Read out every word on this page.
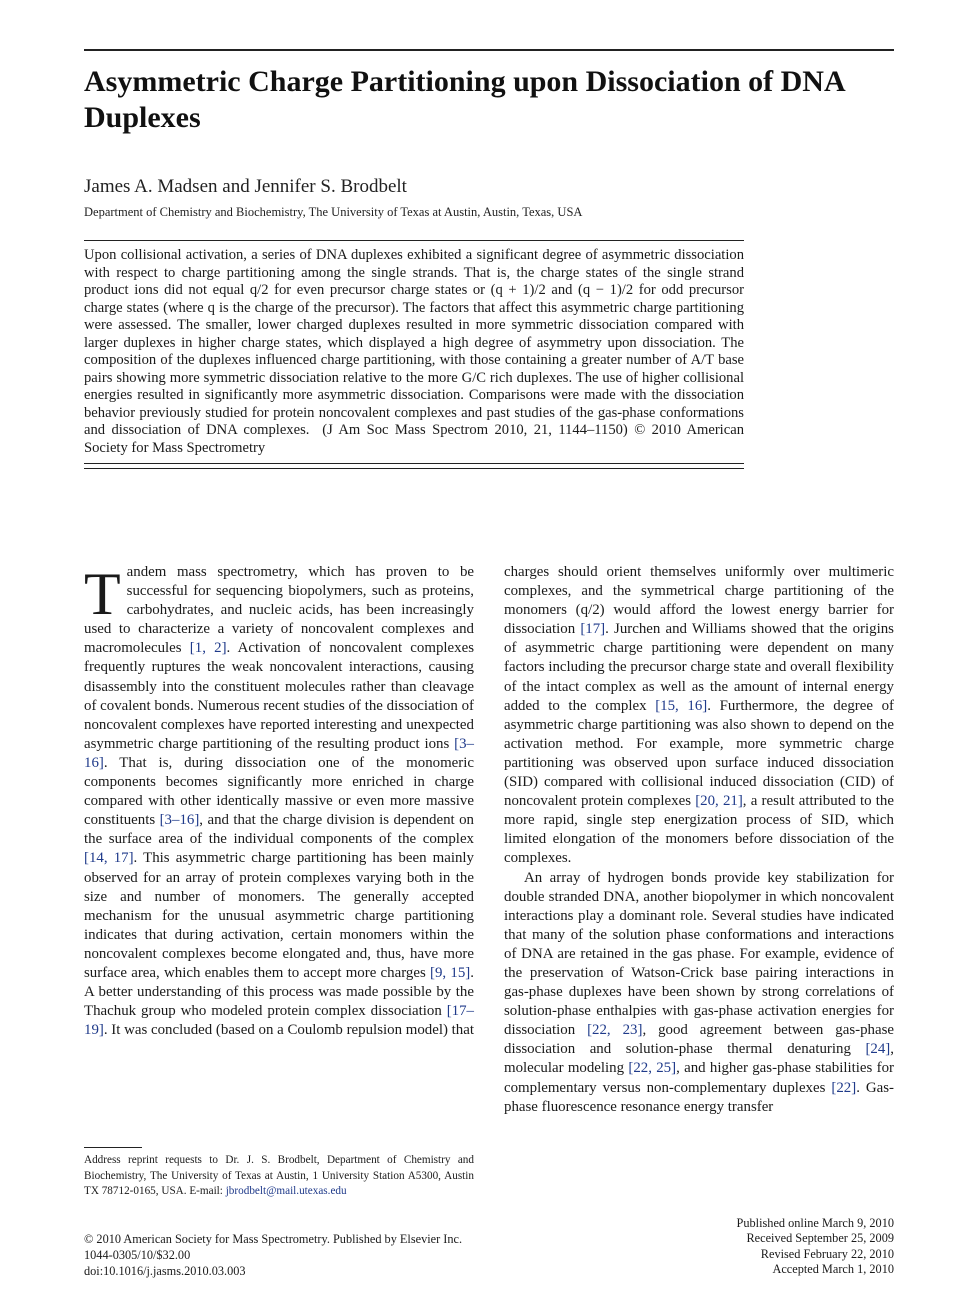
Asymmetric Charge Partitioning upon Dissociation of DNA Duplexes
James A. Madsen and Jennifer S. Brodbelt
Department of Chemistry and Biochemistry, The University of Texas at Austin, Austin, Texas, USA

Upon collisional activation, a series of DNA duplexes exhibited a significant degree of asymmetric dissociation with respect to charge partitioning among the single strands. That is, the charge states of the single strand product ions did not equal q/2 for even precursor charge states or (q + 1)/2 and (q − 1)/2 for odd precursor charge states (where q is the charge of the precursor). The factors that affect this asymmetric charge partitioning were assessed. The smaller, lower charged duplexes resulted in more symmetric dissociation compared with larger duplexes in higher charge states, which displayed a high degree of asymmetry upon dissociation. The composition of the duplexes influenced charge partitioning, with those containing a greater number of A/T base pairs showing more symmetric dissociation relative to the more G/C rich duplexes. The use of higher collisional energies resulted in significantly more asymmetric dissociation. Comparisons were made with the dissociation behavior previously studied for protein noncovalent complexes and past studies of the gas-phase conformations and dissociation of DNA complexes. (J Am Soc Mass Spectrom 2010, 21, 1144–1150) © 2010 American Society for Mass Spectrometry

Tandem mass spectrometry, which has proven to be successful for sequencing biopolymers, such as proteins, carbohydrates, and nucleic acids, has been increasingly used to characterize a variety of noncovalent complexes and macromolecules [1, 2]. Activation of noncovalent complexes frequently ruptures the weak noncovalent interactions, causing disassembly into the constituent molecules rather than cleavage of covalent bonds. Numerous recent studies of the dissociation of noncovalent complexes have reported interesting and unexpected asymmetric charge partitioning of the resulting product ions [3–16]. That is, during dissociation one of the monomeric components becomes significantly more enriched in charge compared with other identically massive or even more massive constituents [3–16], and that the charge division is dependent on the surface area of the individual components of the complex [14, 17]. This asymmetric charge partitioning has been mainly observed for an array of protein complexes varying both in the size and number of monomers. The generally accepted mechanism for the unusual asymmetric charge partitioning indicates that during activation, certain monomers within the noncovalent complexes become elongated and, thus, have more surface area, which enables them to accept more charges [9, 15]. A better understanding of this process was made possible by the Thachuk group who modeled protein complex dissociation [17–19]. It was concluded (based on a Coulomb repulsion model) that

charges should orient themselves uniformly over multimeric complexes, and the symmetrical charge partitioning of the monomers (q/2) would afford the lowest energy barrier for dissociation [17]. Jurchen and Williams showed that the origins of asymmetric charge partitioning were dependent on many factors including the precursor charge state and overall flexibility of the intact complex as well as the amount of internal energy added to the complex [15, 16]. Furthermore, the degree of asymmetric charge partitioning was also shown to depend on the activation method. For example, more symmetric charge partitioning was observed upon surface induced dissociation (SID) compared with collisional induced dissociation (CID) of noncovalent protein complexes [20, 21], a result attributed to the more rapid, single step energization process of SID, which limited elongation of the monomers before dissociation of the complexes.

An array of hydrogen bonds provide key stabilization for double stranded DNA, another biopolymer in which noncovalent interactions play a dominant role. Several studies have indicated that many of the solution phase conformations and interactions of DNA are retained in the gas phase. For example, evidence of the preservation of Watson-Crick base pairing interactions in gas-phase duplexes have been shown by strong correlations of solution-phase enthalpies with gas-phase activation energies for dissociation [22, 23], good agreement between gas-phase dissociation and solution-phase thermal denaturing [24], molecular modeling [22, 25], and higher gas-phase stabilities for complementary versus non-complementary duplexes [22]. Gas-phase fluorescence resonance energy transfer

Address reprint requests to Dr. J. S. Brodbelt, Department of Chemistry and Biochemistry, The University of Texas at Austin, 1 University Station A5300, Austin TX 78712-0165, USA. E-mail: jbrodbelt@mail.utexas.edu
© 2010 American Society for Mass Spectrometry. Published by Elsevier Inc.
1044-0305/10/$32.00
doi:10.1016/j.jasms.2010.03.003
Published online March 9, 2010
Received September 25, 2009
Revised February 22, 2010
Accepted March 1, 2010
